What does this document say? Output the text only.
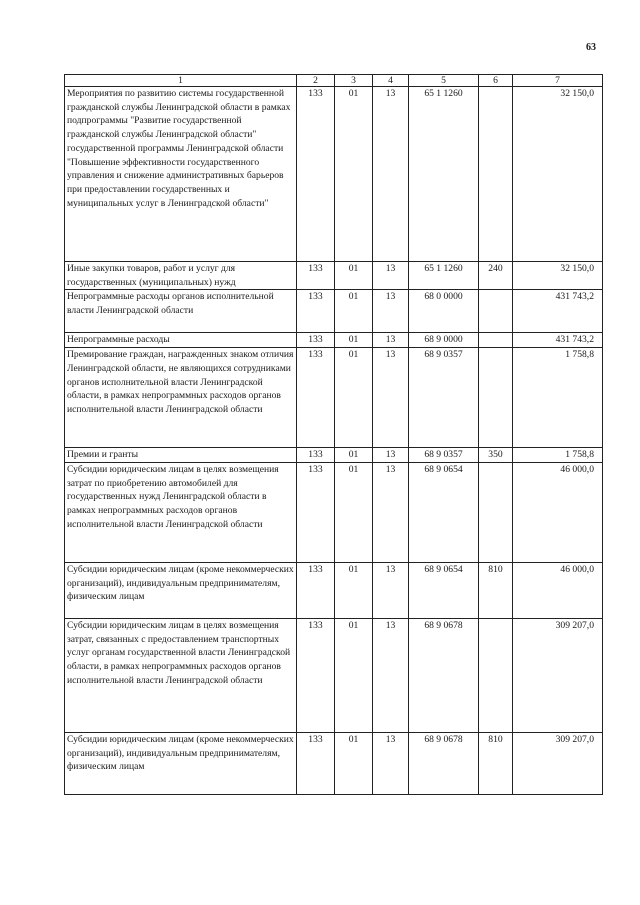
63
1	2	3	4	5	6	7
Мероприятия по развитию системы государственной гражданской службы Ленинградской области в рамках подпрограммы "Развитие государственной гражданской службы Ленинградской области" государственной программы Ленинградской области "Повышение эффективности государственного управления и снижение административных барьеров при предоставлении государственных и муниципальных услуг в Ленинградской области"	133	01	13	65 1 1260		32 150,0
Иные закупки товаров, работ и услуг для государственных (муниципальных) нужд	133	01	13	65 1 1260	240	32 150,0
Непрограммные расходы органов исполнительной власти Ленинградской области	133	01	13	68 0 0000		431 743,2
Непрограммные расходы	133	01	13	68 9 0000		431 743,2
Премирование граждан, награжденных знаком отличия Ленинградской области, не являющихся сотрудниками органов исполнительной власти Ленинградской области, в рамках непрограммных расходов органов исполнительной власти Ленинградской области	133	01	13	68 9 0357		1 758,8
Премии и гранты	133	01	13	68 9 0357	350	1 758,8
Субсидии юридическим лицам в целях возмещения затрат по приобретению автомобилей для государственных нужд Ленинградской области в рамках непрограммных расходов органов исполнительной власти Ленинградской области	133	01	13	68 9 0654		46 000,0
Субсидии юридическим лицам (кроме некоммерческих организаций), индивидуальным предпринимателям, физическим лицам	133	01	13	68 9 0654	810	46 000,0
Субсидии юридическим лицам в целях возмещения затрат, связанных с предоставлением транспортных услуг органам государственной власти Ленинградской области, в рамках непрограммных расходов органов исполнительной власти Ленинградской области	133	01	13	68 9 0678		309 207,0
Субсидии юридическим лицам (кроме некоммерческих организаций), индивидуальным предпринимателям, физическим лицам	133	01	13	68 9 0678	810	309 207,0
